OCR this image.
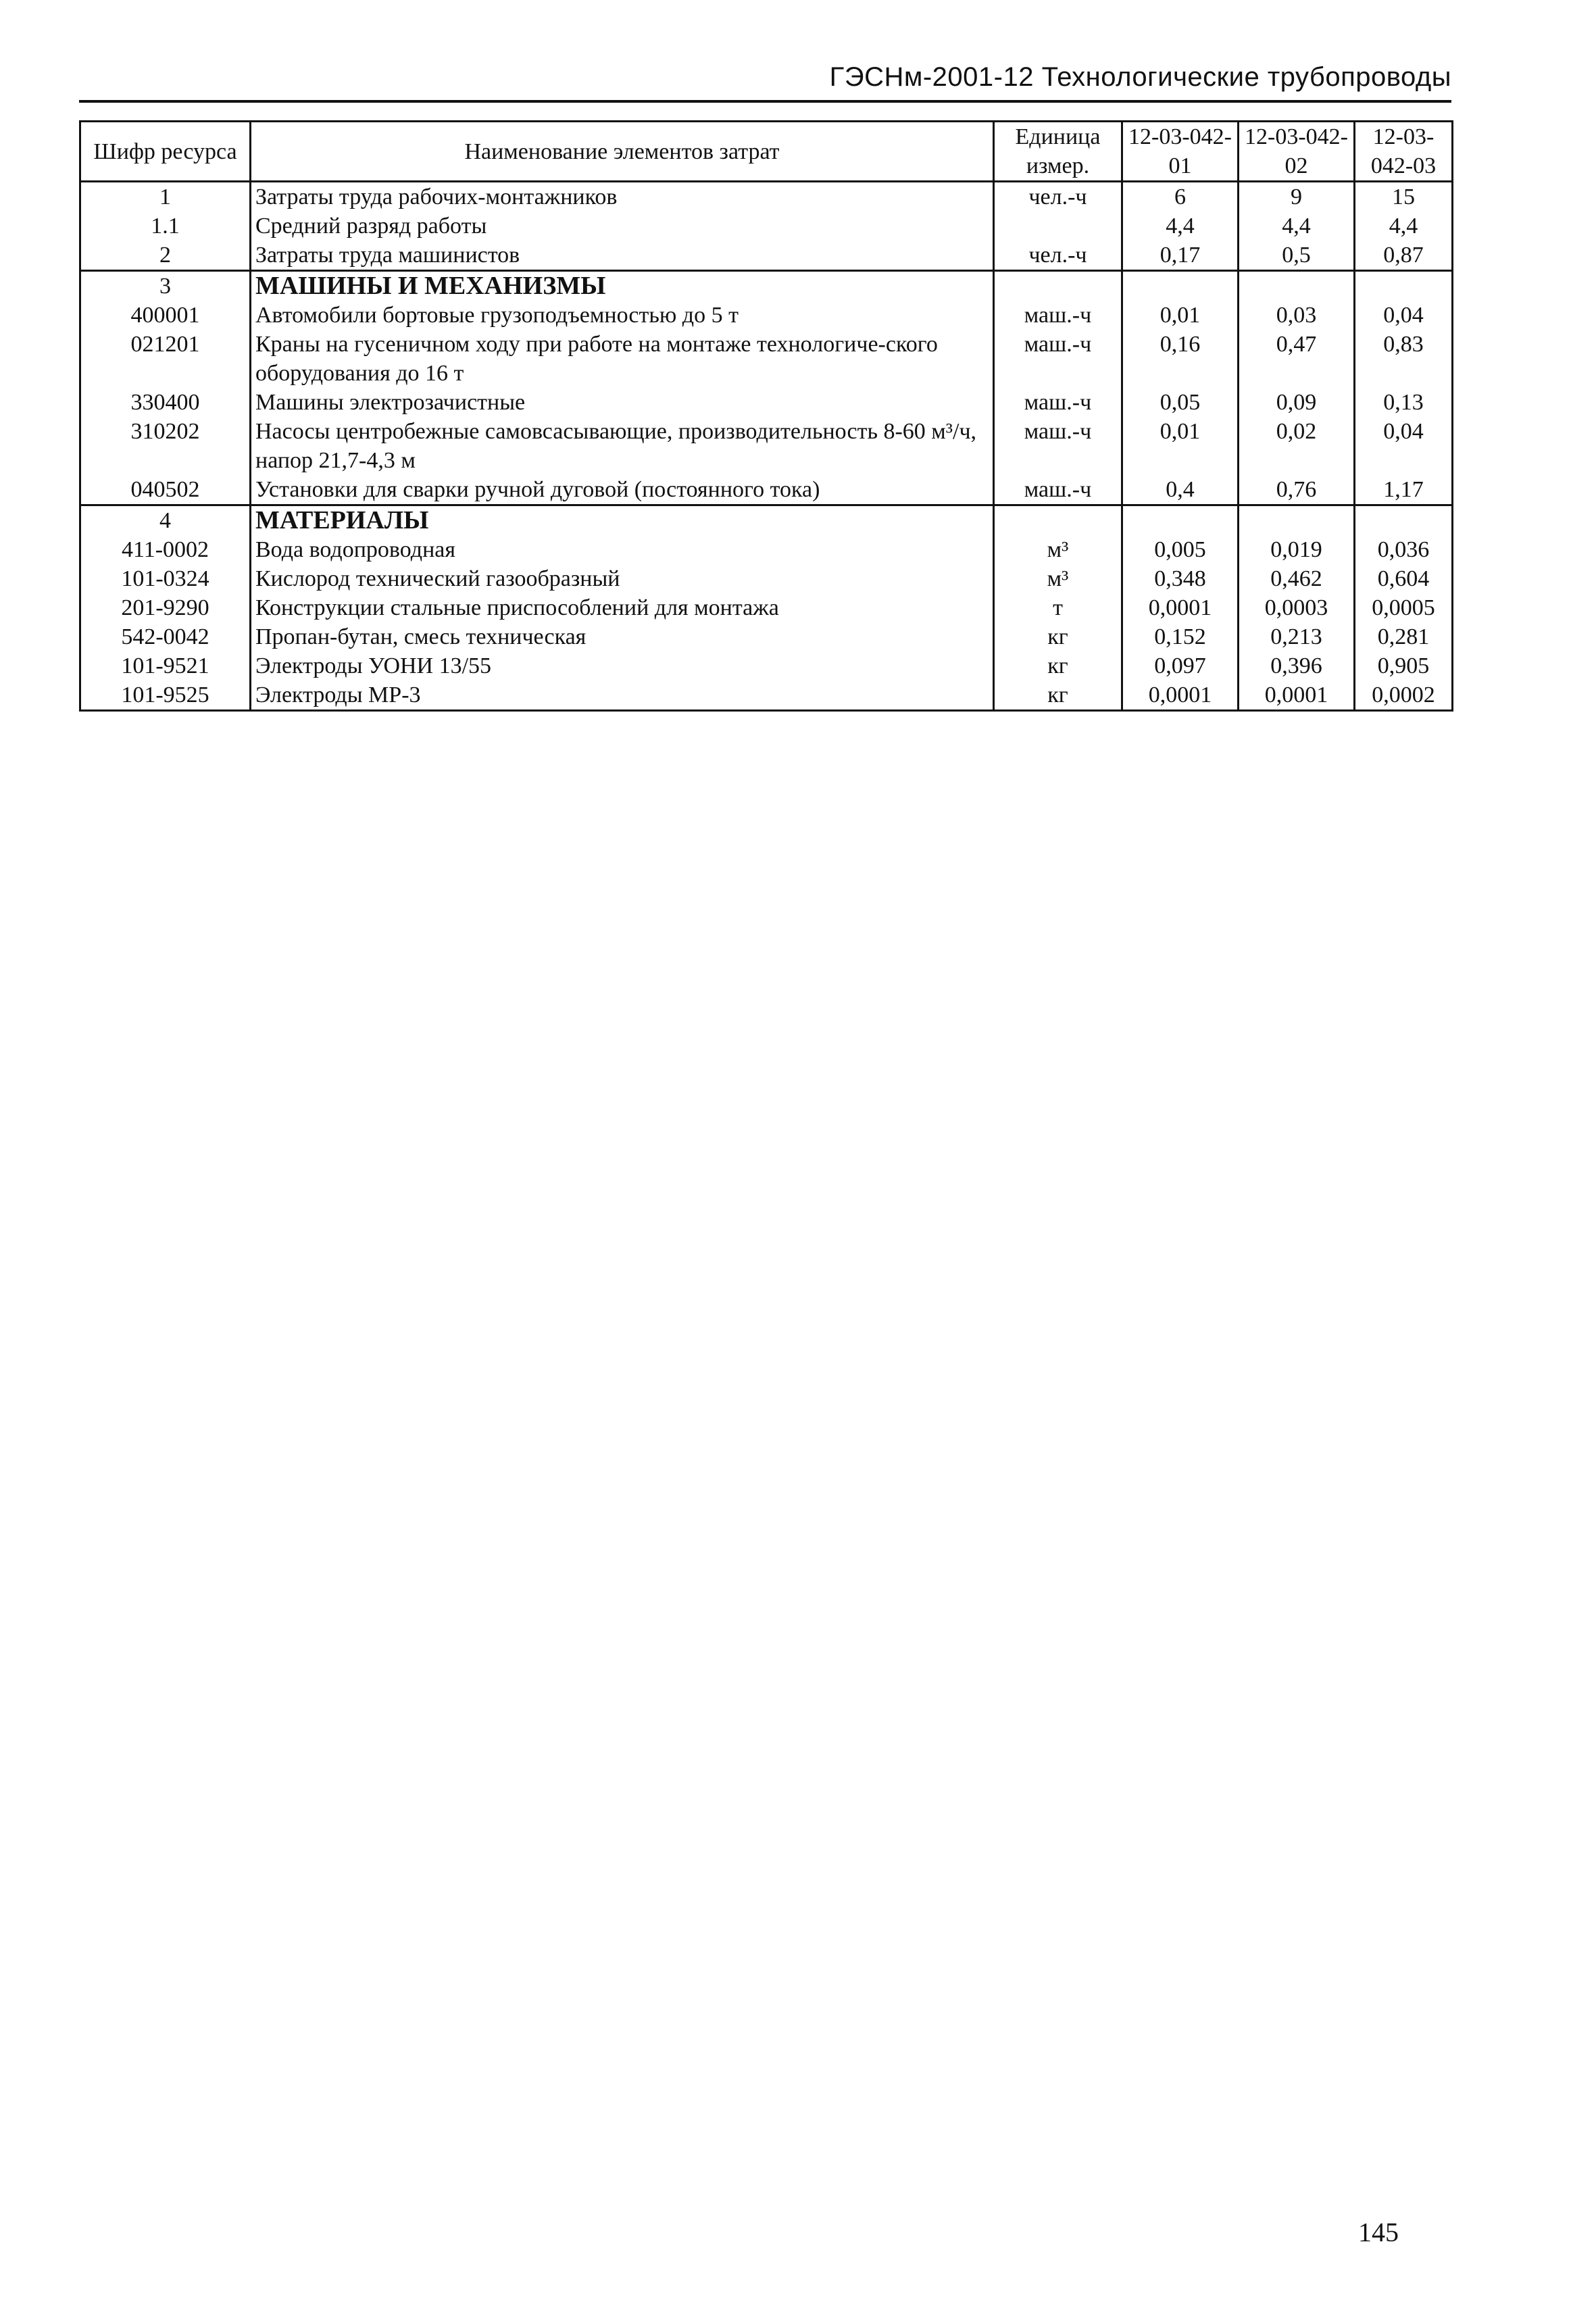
ГЭСНм-2001-12 Технологические трубопроводы
Шифр ресурса	Наименование элементов затрат	Единица измер.	12-03-042-01	12-03-042-02	12-03-042-03
1	Затраты труда рабочих-монтажников	чел.-ч	6	9	15
1.1	Средний разряд работы		4,4	4,4	4,4
2	Затраты труда машинистов	чел.-ч	0,17	0,5	0,87
3	МАШИНЫ И МЕХАНИЗМЫ				
400001	Автомобили бортовые грузоподъемностью до 5 т	маш.-ч	0,01	0,03	0,04
021201	Краны на гусеничном ходу при работе на монтаже технологиче-ского оборудования до 16 т	маш.-ч	0,16	0,47	0,83
330400	Машины электрозачистные	маш.-ч	0,05	0,09	0,13
310202	Насосы центробежные самовсасывающие, производительность 8-60 м³/ч, напор 21,7-4,3 м	маш.-ч	0,01	0,02	0,04
040502	Установки для сварки ручной дуговой (постоянного тока)	маш.-ч	0,4	0,76	1,17
4	МАТЕРИАЛЫ				
411-0002	Вода водопроводная	м³	0,005	0,019	0,036
101-0324	Кислород технический газообразный	м³	0,348	0,462	0,604
201-9290	Конструкции стальные приспособлений для монтажа	т	0,0001	0,0003	0,0005
542-0042	Пропан-бутан, смесь техническая	кг	0,152	0,213	0,281
101-9521	Электроды УОНИ 13/55	кг	0,097	0,396	0,905
101-9525	Электроды МР-3	кг	0,0001	0,0001	0,0002
145
